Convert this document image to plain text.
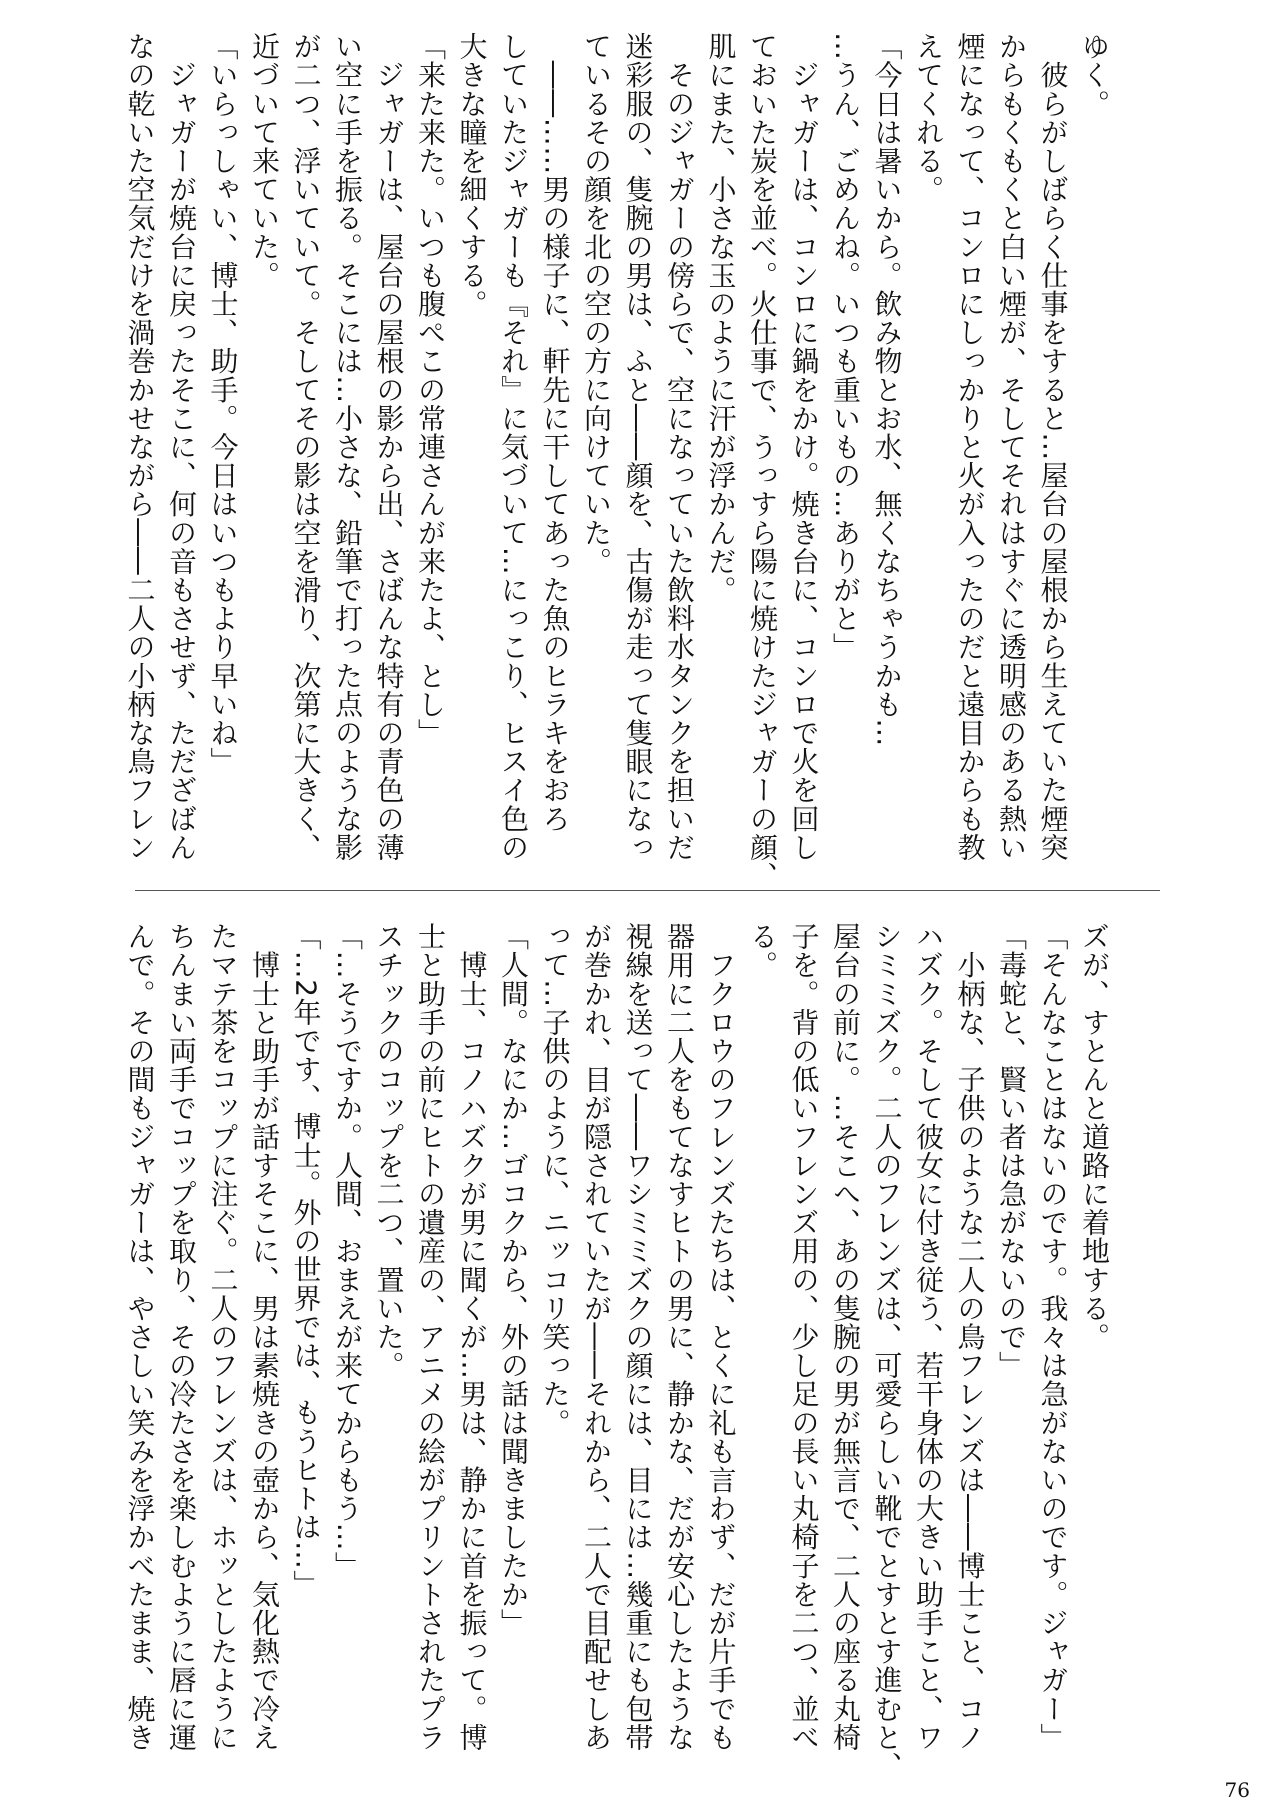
ゆく。
　彼らがしばらく仕事をすると…屋台の屋根から生えていた煙突
からもくもくと白い煙が、そしてそれはすぐに透明感のある熱い
煙になって、コンロにしっかりと火が入ったのだと遠目からも教
えてくれる。
「今日は暑いから。飲み物とお水、無くなちゃうかも…
…うん、ごめんね。いつも重いもの…ありがと」
　ジャガーは、コンロに鍋をかけ。焼き台に、コンロで火を回し
ておいた炭を並べ。火仕事で、うっすら陽に焼けたジャガーの顔、
肌にまた、小さな玉のように汗が浮かんだ。
　そのジャガーの傍らで、空になっていた飲料水タンクを担いだ
迷彩服の、隻腕の男は、ふと――顔を、古傷が走って隻眼になっ
ているその顔を北の空の方に向けていた。
　――……男の様子に、軒先に干してあった魚のヒラキをおろ
していたジャガーも『それ』に気づいて…にっこり、ヒスイ色の
大きな瞳を細くする。
「来た来た。いつも腹ぺこの常連さんが来たよ、とし」
　ジャガーは、屋台の屋根の影から出、さばんな特有の青色の薄
い空に手を振る。そこには…小さな、鉛筆で打った点のような影
が二つ、浮いていて。そしてその影は空を滑り、次第に大きく、
近づいて来ていた。
「いらっしゃい、博士、助手。今日はいつもより早いね」
　ジャガーが焼台に戻ったそこに、何の音もさせず、ただざばん
なの乾いた空気だけを渦巻かせながら――二人の小柄な鳥フレン
ズが、すとんと道路に着地する。
「そんなことはないのです。我々は急がないのです。ジャガー」
「毒蛇と、賢い者は急がないので」
　小柄な、子供のような二人の鳥フレンズは――博士こと、コノ
ハズク。そして彼女に付き従う、若干身体の大きい助手こと、ワ
シミミズク。二人のフレンズは、可愛らしい靴でとすとす進むと、
屋台の前に。…そこへ、あの隻腕の男が無言で、二人の座る丸椅
子を。背の低いフレンズ用の、少し足の長い丸椅子を二つ、並べ
る。
　フクロウのフレンズたちは、とくに礼も言わず、だが片手でも
器用に二人をもてなすヒトの男に、静かな、だが安心したような
視線を送って――ワシミミズクの顔には、目には…幾重にも包帯
が巻かれ、目が隠されていたが――それから、二人で目配せしあ
って…子供のように、ニッコリ笑った。
「人間。なにか…ゴコクから、外の話は聞きましたか」
　博士、コノハズクが男に聞くが…男は、静かに首を振って。博
士と助手の前にヒトの遺産の、アニメの絵がプリントされたプラ
スチックのコップを二つ、置いた。
「…そうですか。人間、おまえが来てからもう…」
「…2年です、博士。外の世界では、もうヒトは…」
　博士と助手が話すそこに、男は素焼きの壺から、気化熱で冷え
たマテ茶をコップに注ぐ。二人のフレンズは、ホッとしたように
ちんまい両手でコップを取り、その冷たさを楽しむように唇に運
んで。その間もジャガーは、やさしい笑みを浮かべたまま、焼き
76
